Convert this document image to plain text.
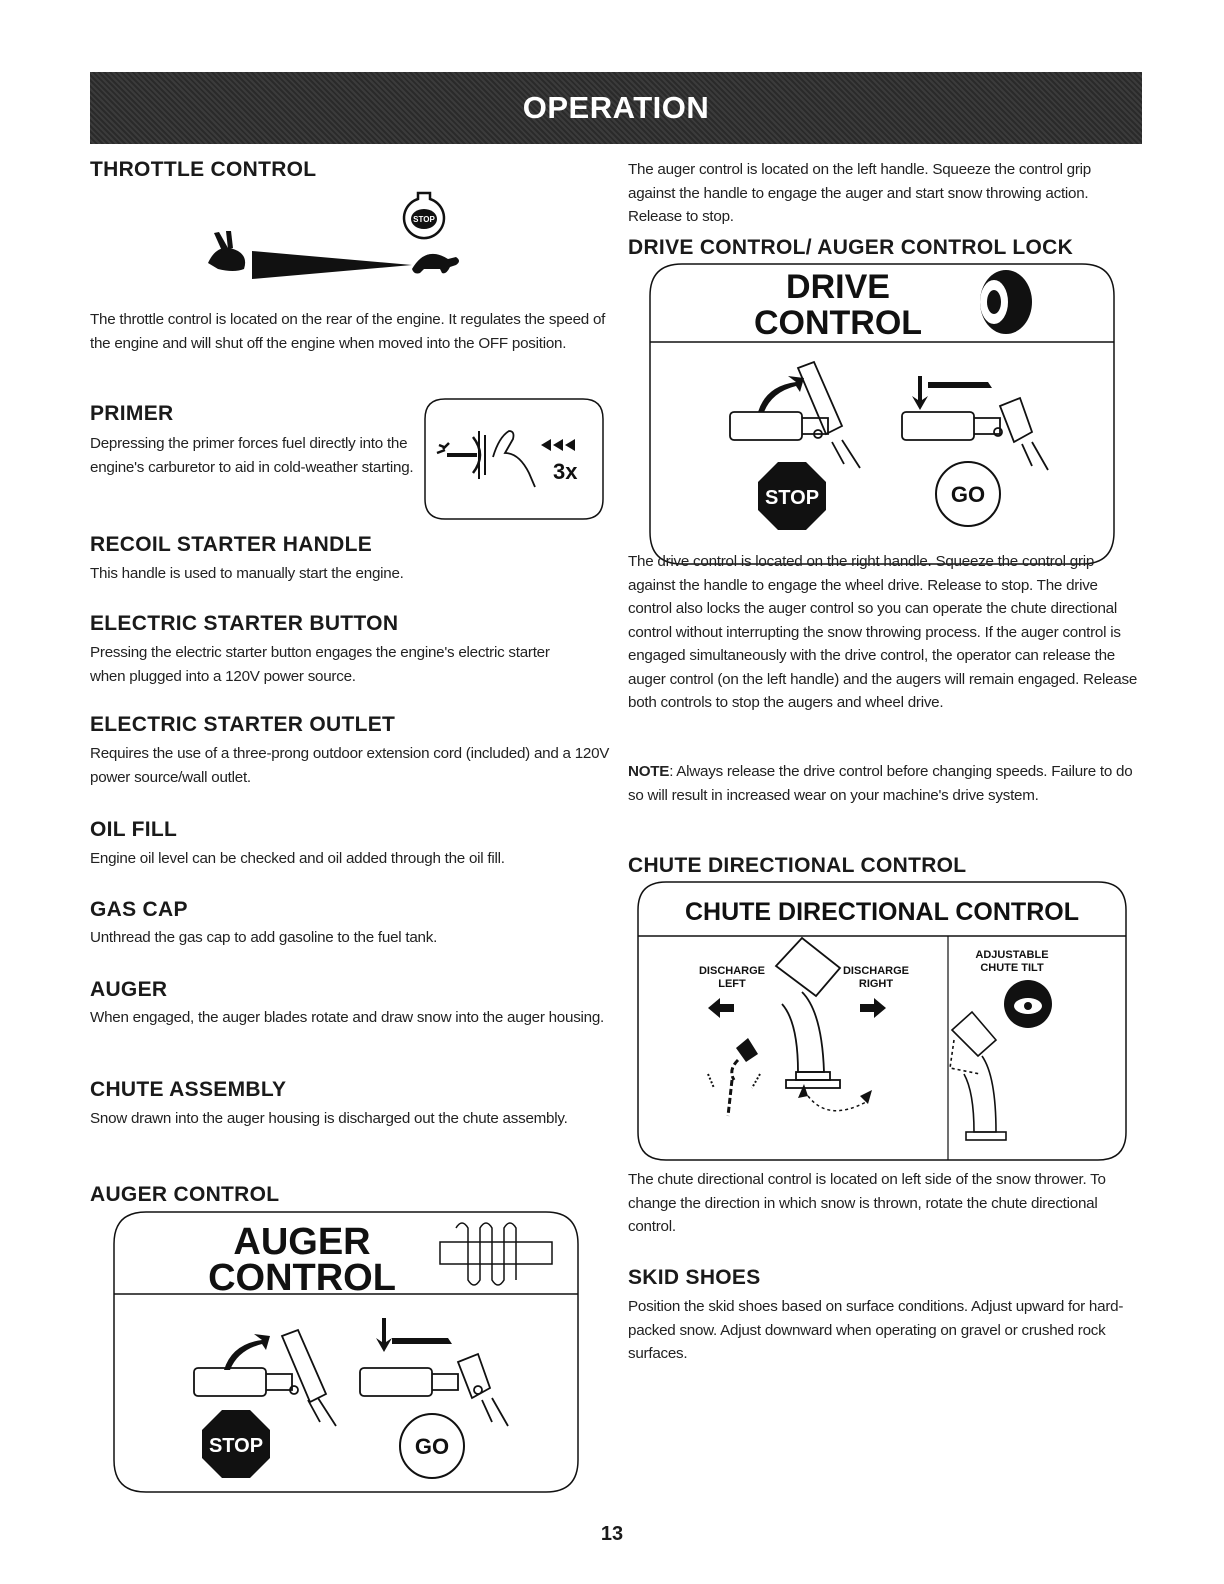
OPERATION
THROTTLE CONTROL
STOP

The throttle control is located on the rear of the engine. It regulates the speed of the engine and will shut off the engine when moved into the OFF position.

PRIMER

Depressing the primer forces fuel directly into the engine's carburetor to aid in cold-weather starting.	3x
RECOIL STARTER HANDLE

This handle is used to manually start the engine.

ELECTRIC STARTER BUTTON

Pressing the electric starter button engages the engine's electric starter when plugged into a 120V power source.

ELECTRIC STARTER OUTLET

Requires the use of a three-prong outdoor extension cord (included) and a 120V power source/wall outlet.

OIL FILL

Engine oil level can be checked and oil added through the oil fill.

GAS CAP

Unthread the gas cap to add gasoline to the fuel tank.

AUGER

When engaged, the auger blades rotate and draw snow into the auger housing.

CHUTE ASSEMBLY

Snow drawn into the auger housing is discharged out the chute assembly.

AUGER CONTROL
AUGER
CONTROL
STOP	GO

The auger control is located on the left handle. Squeeze the control grip against the handle to engage the auger and start snow throwing action. Release to stop.

DRIVE CONTROL/ AUGER CONTROL LOCK
DRIVE
CONTROL
STOP	GO

The drive control is located on the right handle. Squeeze the control grip against the handle to engage the wheel drive. Release to stop. The drive control also locks the auger control so you can operate the chute directional control without interrupting the snow throwing process. If the auger control is engaged simultaneously with the drive control, the operator can release the auger control (on the left handle) and the augers will remain engaged. Release both controls to stop the augers and wheel drive.

NOTE: Always release the drive control before changing speeds. Failure to do so will result in increased wear on your machine's drive system.

CHUTE DIRECTIONAL CONTROL
CHUTE DIRECTIONAL CONTROL
DISCHARGE
LEFT
DISCHARGE
RIGHT
ADJUSTABLE
CHUTE TILT

The chute directional control is located on left side of the snow thrower. To change the direction in which snow is thrown, rotate the chute directional control.

SKID SHOES

Position the skid shoes based on surface conditions. Adjust upward for hard-packed snow. Adjust downward when operating on gravel or crushed rock surfaces.

13
